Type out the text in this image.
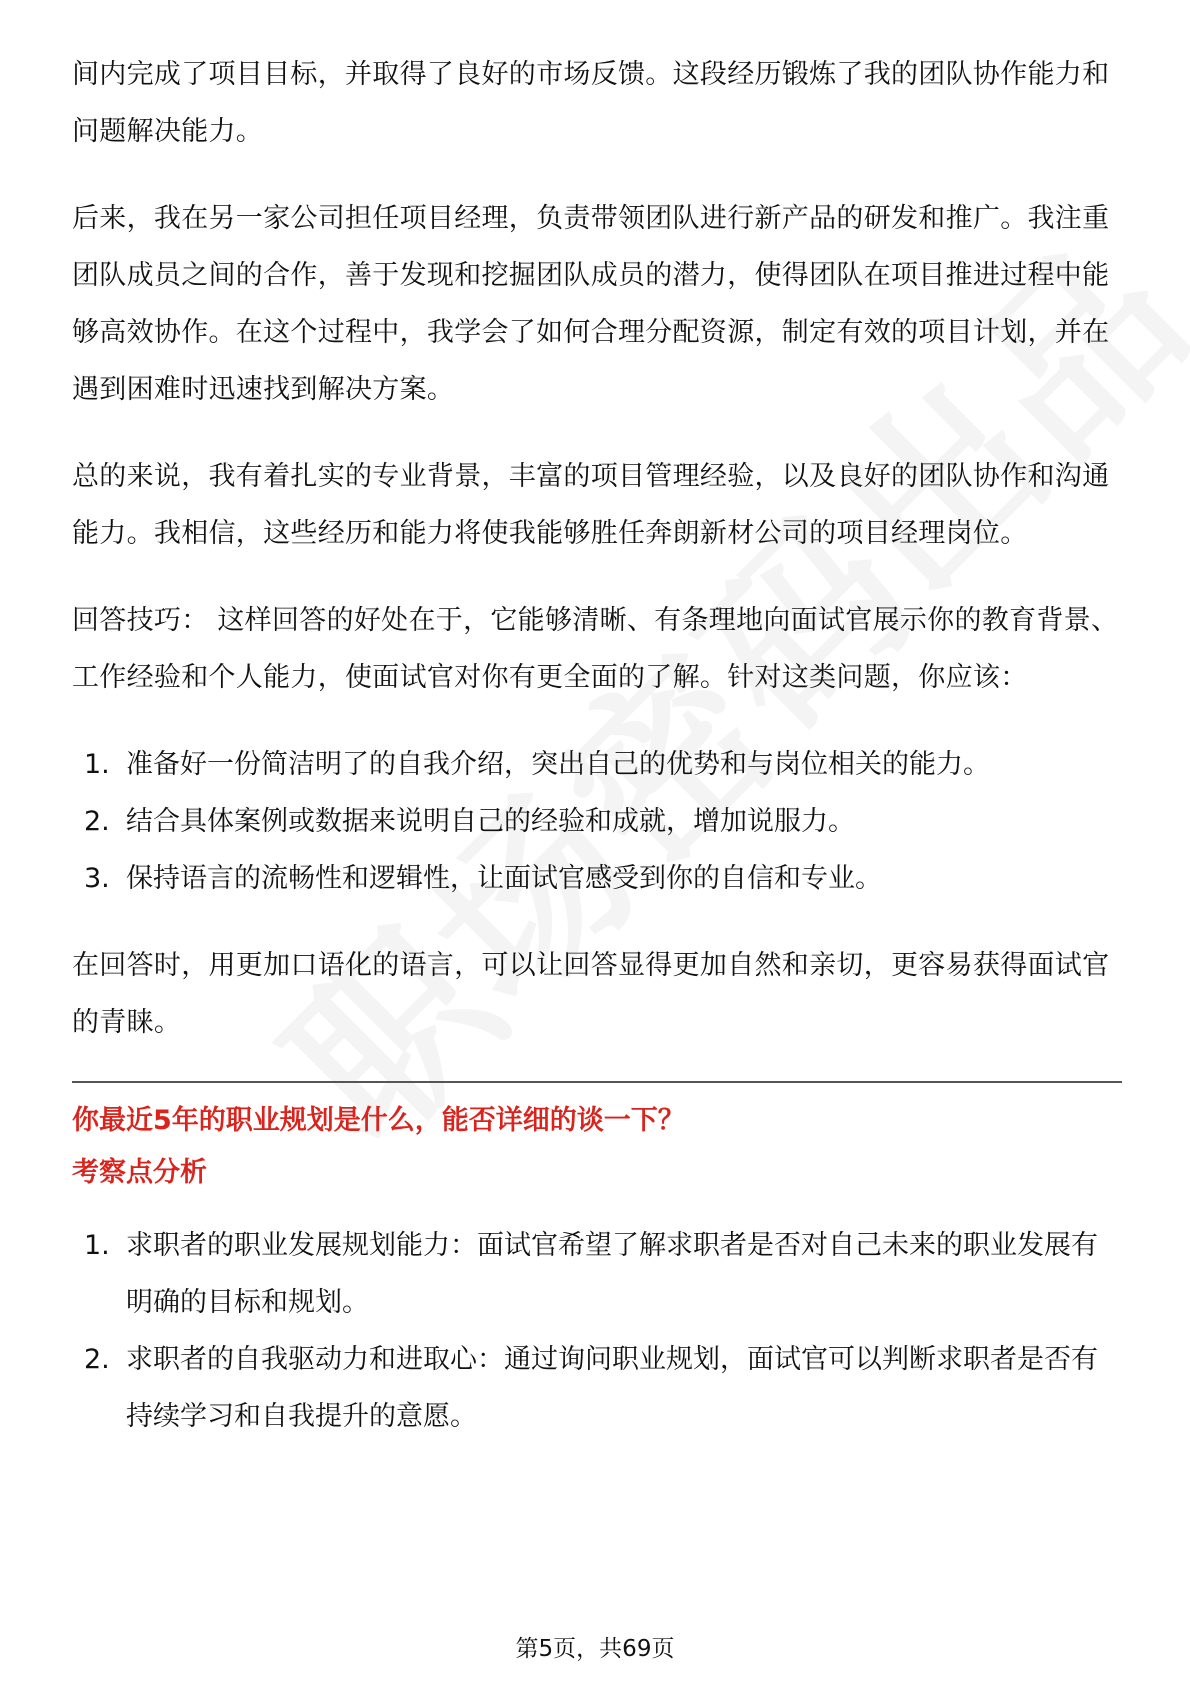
间内完成了项目目标，并取得了良好的市场反馈。这段经历锻炼了我的团队协作能力和问题解决能力。

后来，我在另一家公司担任项目经理，负责带领团队进行新产品的研发和推广。我注重团队成员之间的合作，善于发现和挖掘团队成员的潜力，使得团队在项目推进过程中能够高效协作。在这个过程中，我学会了如何合理分配资源，制定有效的项目计划，并在遇到困难时迅速找到解决方案。

总的来说，我有着扎实的专业背景，丰富的项目管理经验，以及良好的团队协作和沟通能力。我相信，这些经历和能力将使我能够胜任奔朗新材公司的项目经理岗位。

回答技巧： 这样回答的好处在于，它能够清晰、有条理地向面试官展示你的教育背景、工作经验和个人能力，使面试官对你有更全面的了解。针对这类问题，你应该：

1. 准备好一份简洁明了的自我介绍，突出自己的优势和与岗位相关的能力。
2. 结合具体案例或数据来说明自己的经验和成就，增加说服力。
3. 保持语言的流畅性和逻辑性，让面试官感受到你的自信和专业。

在回答时，用更加口语化的语言，可以让回答显得更加自然和亲切，更容易获得面试官的青睐。

你最近5年的职业规划是什么，能否详细的谈一下？

考察点分析

1. 求职者的职业发展规划能力：面试官希望了解求职者是否对自己未来的职业发展有明确的目标和规划。
2. 求职者的自我驱动力和进取心：通过询问职业规划，面试官可以判断求职者是否有持续学习和自我提升的意愿。
第5页，共69页
